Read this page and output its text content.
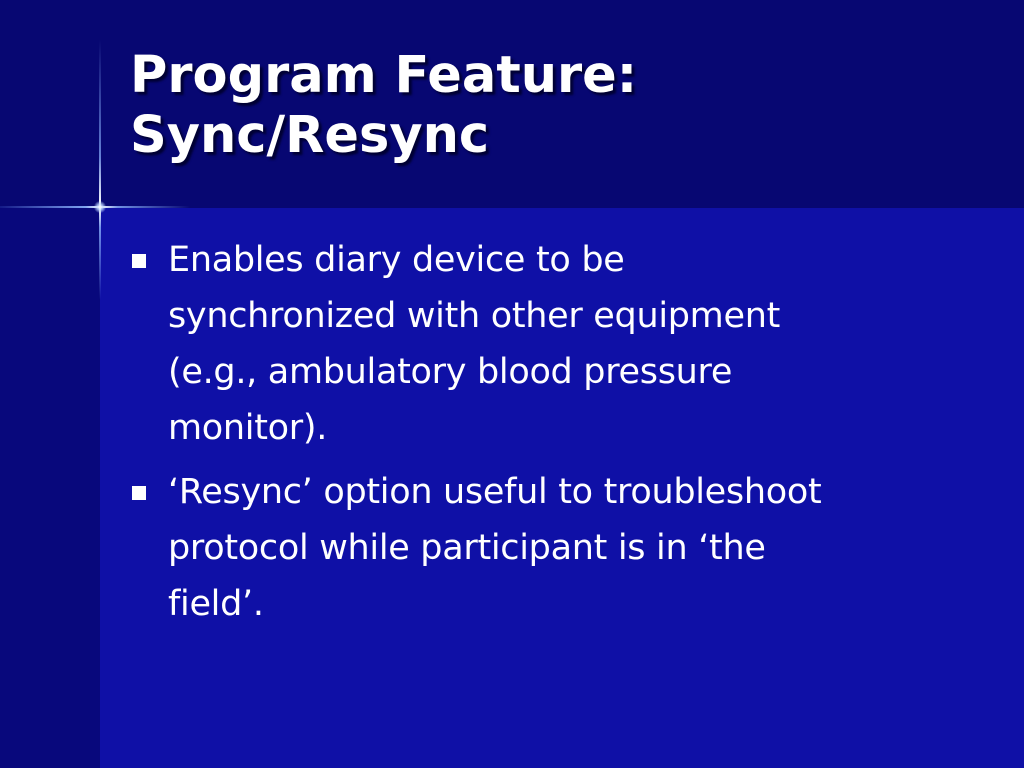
Program Feature:
Sync/Resync
Enables diary device to be
synchronized with other equipment
(e.g., ambulatory blood pressure
monitor).
‘Resync’ option useful to troubleshoot
protocol while participant is in ‘the
field’.
